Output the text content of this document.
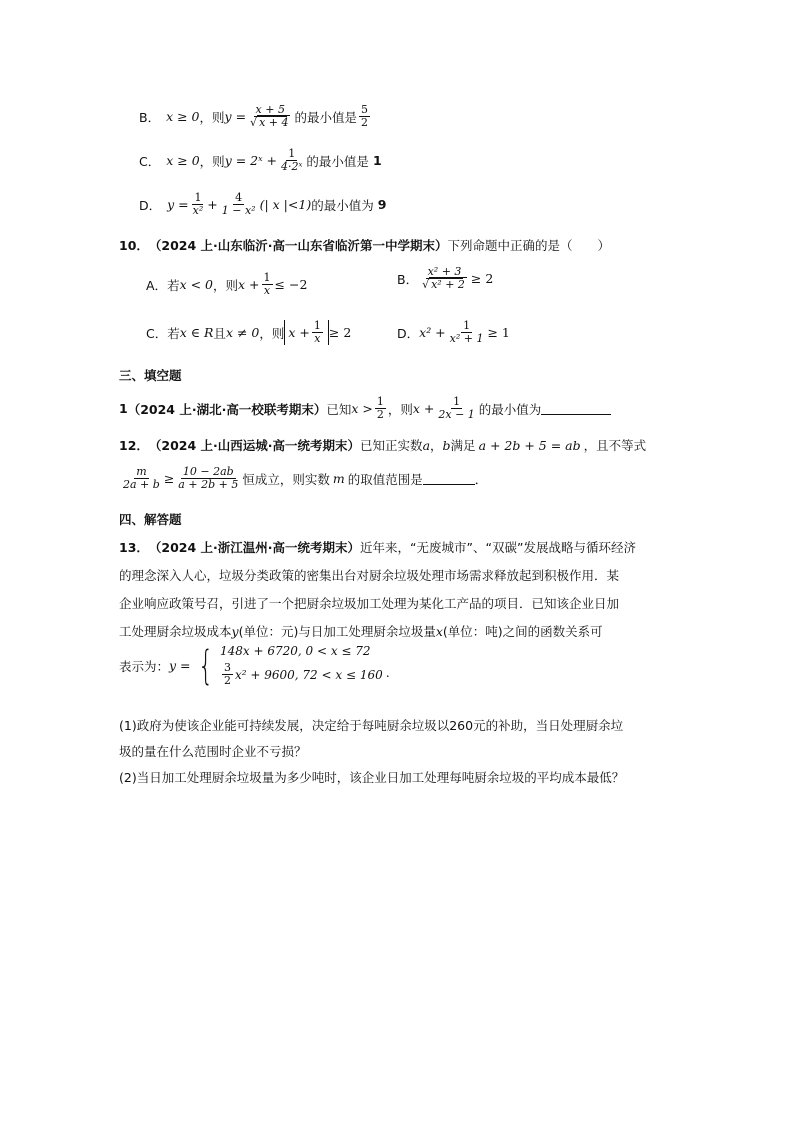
B． x ≥ 0 ，则 $y = \frac{x + 5}{√ x + 4}$ 的最小值是 $\frac{5}{2}$
C． x ≥ 0 ，则 y = 2ˣ + $\frac{1}{\text{4·2ˣ}}$ 的最小值是 1
D． $y = \frac{1}{\text{x²}} + \frac{4}{\text{1 − x²}}$ (| x |<1) 的最小值为 9
10． （2024 上·山东临沂·高一山东省临沂第一中学期末） 下列命题中正确的是（　　）
A． 若 x < 0 ，则 $x + \frac{1}{x} \le -2$	B． $\frac{\text{x² + 3}}{\text{√ x² + 2}} \ge 2$
C． 若 x ∈ R 且 x ≠ 0 ，则 $x + \frac{1}{x} \ge 2$	D． $x^2 + \frac{1}{\text{x² + 1}} \ge 1$
三、填空题
1 （2024 上·湖北·高一校联考期末） 已知 $x > \frac{1}{2}$ ，则 $x + \frac{1}{2x - 1}$ 的最小值为
12． （2024 上·山西运城·高一统考期末） 已知正实数 a ， b 满足 a + 2b + 5 = ab ，且不等式
$\frac{m}{2a + b} \ge \frac{10 - 2ab}{a + 2b + 5}$ 恒成立，则实数 m 的取值范围是	．
四、解答题
13． （2024 上·浙江温州·高一统考期末） 近年来，“无废城市”、“双碳”发展战略与循环经济
的理念深入人心，垃圾分类政策的密集出台对厨余垃圾处理市场需求释放起到积极作用．某
企业响应政策号召，引进了一个把厨余垃圾加工处理为某化工产品的项目．已知该企业日加
工处理厨余垃圾成本 y (单位：元)与日加工处理厨余垃圾量 x (单位：吨)之间的函数关系可
表示为： y = { 148x + 6720, 0 < x ≤ 72
$\frac{3}{2} x^2 + 9600$, 72 < x ≤ 160 .
(1)政府为使该企业能可持续发展，决定给于每吨厨余垃圾以260元的补助，当日处理厨余垃
圾的量在什么范围时企业不亏损？
(2)当日加工处理厨余垃圾量为多少吨时，该企业日加工处理每吨厨余垃圾的平均成本最低？
